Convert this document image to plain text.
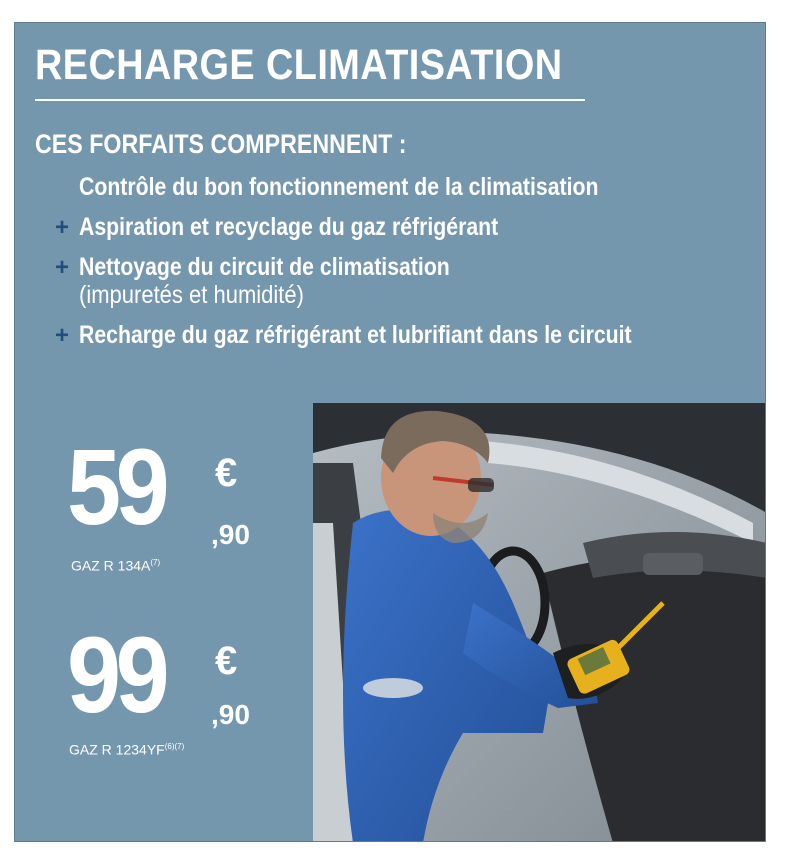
RECHARGE CLIMATISATION
CES FORFAITS COMPRENNENT :
Contrôle du bon fonctionnement de la climatisation
+ Aspiration et recyclage du gaz réfrigérant
+ Nettoyage du circuit de climatisation
(impuretés et humidité)
+ Recharge du gaz réfrigérant et lubrifiant dans le circuit
59 €
,90
GAZ R $134A^{(7)}$
99 €
,90
GAZ R $1234YF^{(6)(7)}$
